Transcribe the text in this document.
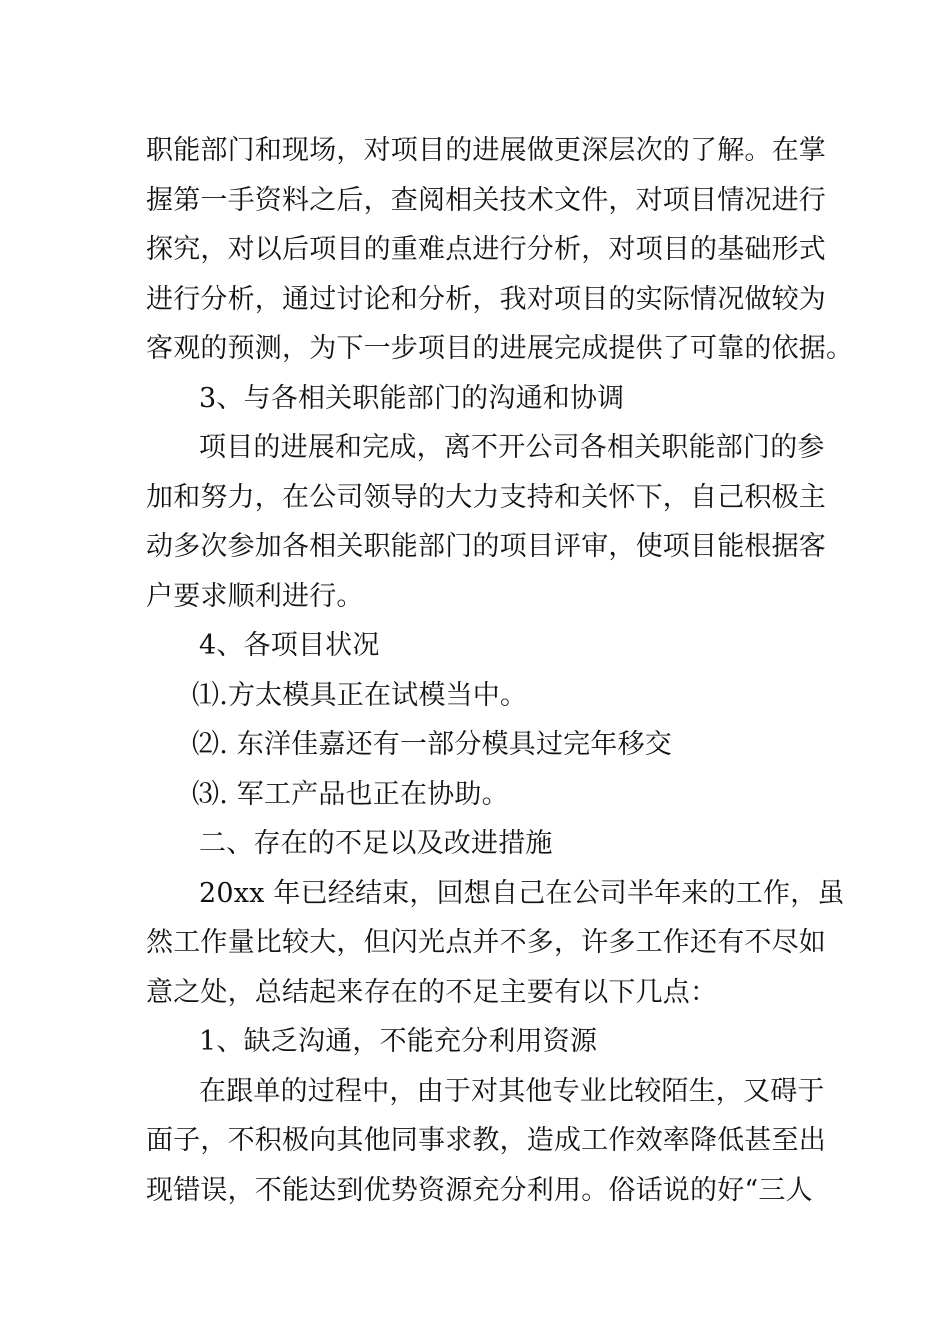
职能部门和现场，对项目的进展做更深层次的了解。在掌
握第一手资料之后，查阅相关技术文件，对项目情况进行
探究，对以后项目的重难点进行分析，对项目的基础形式
进行分析，通过讨论和分析，我对项目的实际情况做较为
客观的预测，为下一步项目的进展完成提供了可靠的依据。
3、与各相关职能部门的沟通和协调
项目的进展和完成，离不开公司各相关职能部门的参
加和努力，在公司领导的大力支持和关怀下，自己积极主
动多次参加各相关职能部门的项目评审，使项目能根据客
户要求顺利进行。
4、各项目状况
⑴.方太模具正在试模当中。
⑵. 东洋佳嘉还有一部分模具过完年移交
⑶. 军工产品也正在协助。
二、存在的不足以及改进措施
20xx 年已经结束，回想自己在公司半年来的工作，虽
然工作量比较大，但闪光点并不多，许多工作还有不尽如
意之处，总结起来存在的不足主要有以下几点：
1、缺乏沟通，不能充分利用资源
在跟单的过程中，由于对其他专业比较陌生，又碍于
面子，不积极向其他同事求教，造成工作效率降低甚至出
现错误，不能达到优势资源充分利用。俗话说的好“三人
